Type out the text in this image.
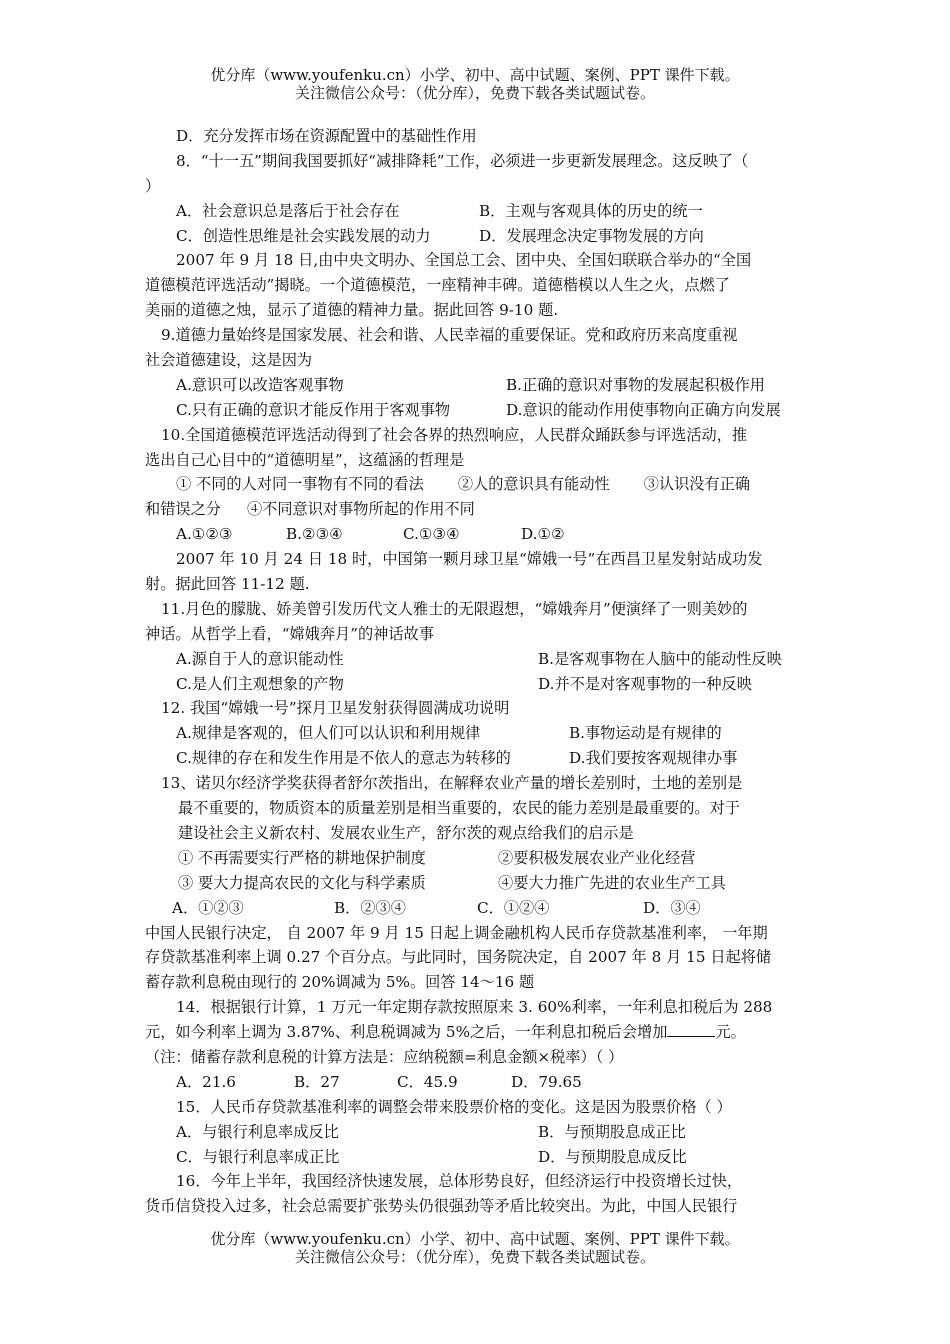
优分库（www.youfenku.cn）小学、初中、高中试题、案例、PPT 课件下载。
关注微信公众号：（优分库），免费下载各类试题试卷。
D．充分发挥市场在资源配置中的基础性作用
8．“十一五”期间我国要抓好“减排降耗”工作，必须进一步更新发展理念。这反映了（
）
A．社会意识总是落后于社会存在	B．主观与客观具体的历史的统一
C．创造性思维是社会实践发展的动力	D．发展理念决定事物发展的方向
2007 年 9 月 18 日,由中央文明办、全国总工会、团中央、全国妇联联合举办的“全国
道德模范评选活动”揭晓。一个道德模范，一座精神丰碑。道德楷模以人生之火，点燃了
美丽的道德之烛，显示了道德的精神力量。据此回答 9-10 题.
9.道德力量始终是国家发展、社会和谐、人民幸福的重要保证。党和政府历来高度重视
社会道德建设，这是因为
A.意识可以改造客观事物	B.正确的意识对事物的发展起积极作用
C.只有正确的意识才能反作用于客观事物	D.意识的能动作用使事物向正确方向发展
10.全国道德模范评选活动得到了社会各界的热烈响应，人民群众踊跃参与评选活动，推
选出自己心目中的“道德明星”，这蕴涵的哲理是
① 不同的人对同一事物有不同的看法 ②人的意识具有能动性 ③认识没有正确
和错误之分 ④不同意识对事物所起的作用不同
A.①②③	B.②③④	C.①③④	D.①②
2007 年 10 月 24 日 18 时，中国第一颗月球卫星“嫦娥一号”在西昌卫星发射站成功发
射。据此回答 11-12 题.
11.月色的朦胧、娇美曾引发历代文人雅士的无限遐想，“嫦娥奔月”便演绎了一则美妙的
神话。从哲学上看，“嫦娥奔月”的神话故事
A.源自于人的意识能动性	B.是客观事物在人脑中的能动性反映
C.是人们主观想象的产物	D.并不是对客观事物的一种反映
12. 我国“嫦娥一号”探月卫星发射获得圆满成功说明
A.规律是客观的，但人们可以认识和利用规律	B.事物运动是有规律的
C.规律的存在和发生作用是不依人的意志为转移的	D.我们要按客观规律办事
13、诺贝尔经济学奖获得者舒尔茨指出，在解释农业产量的增长差别时，土地的差别是
最不重要的，物质资本的质量差别是相当重要的，农民的能力差别是最重要的。对于
建设社会主义新农村、发展农业生产，舒尔茨的观点给我们的启示是
① 不再需要实行严格的耕地保护制度	②要积极发展农业产业化经营
③ 要大力提高农民的文化与科学素质	④要大力推广先进的农业生产工具
A．①②③	B．②③④	C．①②④	D．③④
中国人民银行决定， 自 2007 年 9 月 15 日起上调金融机构人民币存贷款基准利率， 一年期
存贷款基准利率上调 0.27 个百分点。与此同时，国务院决定，自 2007 年 8 月 15 日起将储
蓄存款利息税由现行的 20%调减为 5%。回答 14～16 题
14．根据银行计算，1 万元一年定期存款按照原来 3. 60%利率，一年利息扣税后为 288
元，如今利率上调为 3.87%、利息税调减为 5%之后，一年利息扣税后会增加	元。
（注：储蓄存款利息税的计算方法是：应纳税额=利息金额×税率）（ ）
A．21.6	B．27	C．45.9	D．79.65
15．人民币存贷款基准利率的调整会带来股票价格的变化。这是因为股票价格（ ）
A．与银行利息率成反比	B．与预期股息成正比
C．与银行利息率成正比	D．与预期股息成反比
16．今年上半年，我国经济快速发展，总体形势良好，但经济运行中投资增长过快，
货币信贷投入过多，社会总需要扩张势头仍很强劲等矛盾比较突出。为此，中国人民银行
优分库（www.youfenku.cn）小学、初中、高中试题、案例、PPT 课件下载。
关注微信公众号：（优分库），免费下载各类试题试卷。
